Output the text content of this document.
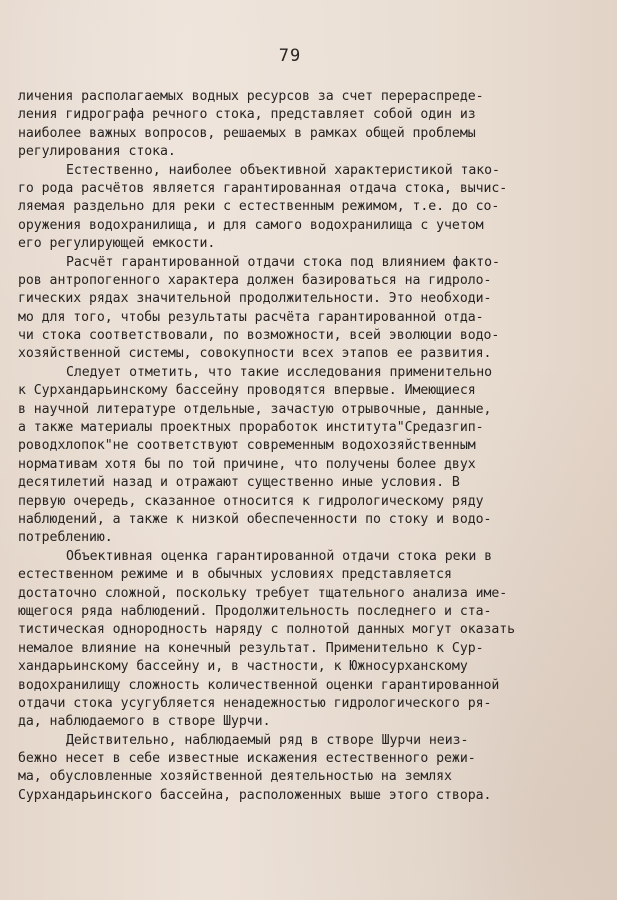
79
личения располагаемых водных ресурсов за счет перераспреде-
ления гидрографа речного стока, представляет собой один из
наиболее важных вопросов, решаемых в рамках общей проблемы
регулирования стока.
Естественно, наиболее объективной характеристикой тако-
го рода расчётов является гарантированная отдача стока, вычис-
ляемая раздельно для реки с естественным режимом, т.е. до со-
оружения водохранилища, и для самого водохранилища с учетом
его регулирующей емкости.
Расчёт гарантированной отдачи стока под влиянием факто-
ров антропогенного характера должен базироваться на гидроло-
гических рядах значительной продолжительности. Это необходи-
мо для того, чтобы результаты расчёта гарантированной отда-
чи стока соответствовали, по возможности, всей эволюции водо-
хозяйственной системы, совокупности всех этапов ее развития.
Следует отметить, что такие исследования применительно
к Сурхандарьинскому бассейну проводятся впервые. Имеющиеся
в научной литературе отдельные, зачастую отрывочные, данные,
а также материалы проектных проработок института"Средазгип-
роводхлопок"не соответствуют современным водохозяйственным
нормативам хотя бы по той причине, что получены более двух
десятилетий назад и отражают существенно иные условия. В
первую очередь, сказанное относится к гидрологическому ряду
наблюдений, а также к низкой обеспеченности по стоку и водо-
потреблению.
Объективная оценка гарантированной отдачи стока реки в
естественном режиме и в обычных условиях представляется
достаточно сложной, поскольку требует тщательного анализа име-
ющегося ряда наблюдений. Продолжительность последнего и ста-
тистическая однородность наряду с полнотой данных могут оказать
немалое влияние на конечный результат. Применительно к Сур-
хандарьинскому бассейну и, в частности, к Южносурханскому
водохранилищу сложность количественной оценки гарантированной
отдачи стока усугубляется ненадежностью гидрологического ря-
да, наблюдаемого в створе Шурчи.
Действительно, наблюдаемый ряд в створе Шурчи неиз-
бежно несет в себе известные искажения естественного режи-
ма, обусловленные хозяйственной деятельностью на землях
Сурхандарьинского бассейна, расположенных выше этого створа.
